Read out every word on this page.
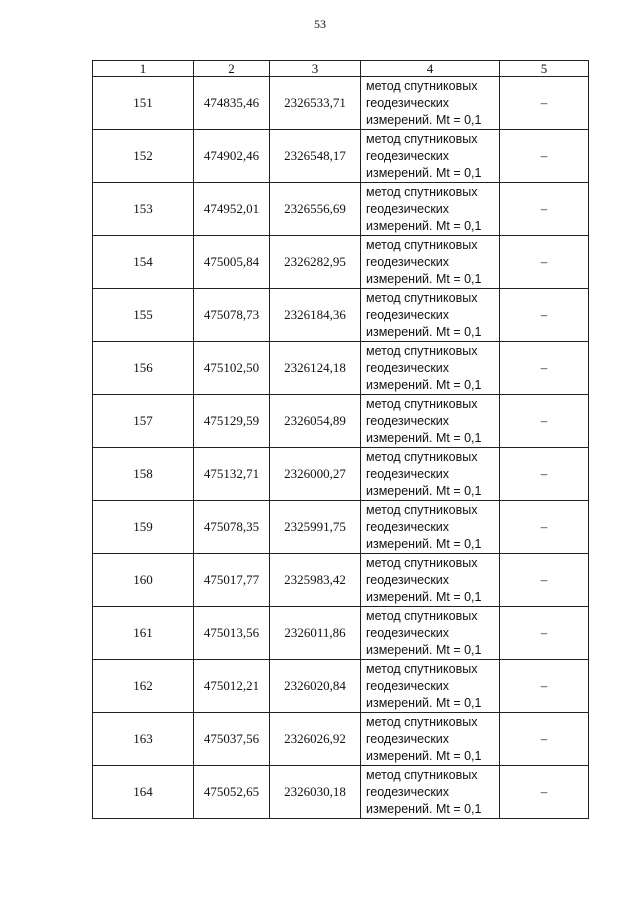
53
1	2	3	4	5
151	474835,46	2326533,71	метод спутниковых
геодезических
измерений. Mt = 0,1	–
152	474902,46	2326548,17	метод спутниковых
геодезических
измерений. Mt = 0,1	–
153	474952,01	2326556,69	метод спутниковых
геодезических
измерений. Mt = 0,1	–
154	475005,84	2326282,95	метод спутниковых
геодезических
измерений. Mt = 0,1	–
155	475078,73	2326184,36	метод спутниковых
геодезических
измерений. Mt = 0,1	–
156	475102,50	2326124,18	метод спутниковых
геодезических
измерений. Mt = 0,1	–
157	475129,59	2326054,89	метод спутниковых
геодезических
измерений. Mt = 0,1	–
158	475132,71	2326000,27	метод спутниковых
геодезических
измерений. Mt = 0,1	–
159	475078,35	2325991,75	метод спутниковых
геодезических
измерений. Mt = 0,1	–
160	475017,77	2325983,42	метод спутниковых
геодезических
измерений. Mt = 0,1	–
161	475013,56	2326011,86	метод спутниковых
геодезических
измерений. Mt = 0,1	–
162	475012,21	2326020,84	метод спутниковых
геодезических
измерений. Mt = 0,1	–
163	475037,56	2326026,92	метод спутниковых
геодезических
измерений. Mt = 0,1	–
164	475052,65	2326030,18	метод спутниковых
геодезических
измерений. Mt = 0,1	–
